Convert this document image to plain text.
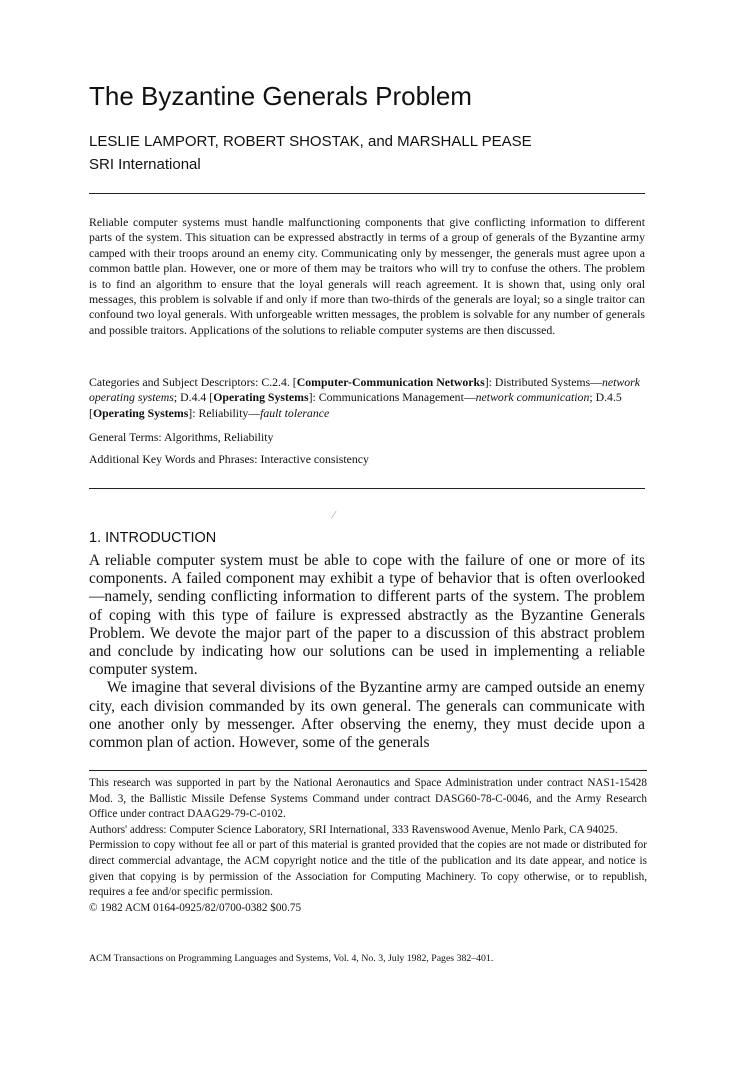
The Byzantine Generals Problem
LESLIE LAMPORT, ROBERT SHOSTAK, and MARSHALL PEASE
SRI International
Reliable computer systems must handle malfunctioning components that give conflicting information to different parts of the system. This situation can be expressed abstractly in terms of a group of generals of the Byzantine army camped with their troops around an enemy city. Communicating only by messenger, the generals must agree upon a common battle plan. However, one or more of them may be traitors who will try to confuse the others. The problem is to find an algorithm to ensure that the loyal generals will reach agreement. It is shown that, using only oral messages, this problem is solvable if and only if more than two-thirds of the generals are loyal; so a single traitor can confound two loyal generals. With unforgeable written messages, the problem is solvable for any number of generals and possible traitors. Applications of the solutions to reliable computer systems are then discussed.
Categories and Subject Descriptors: C.2.4. [Computer-Communication Networks]: Distributed Systems—network operating systems; D.4.4 [Operating Systems]: Communications Management—network communication; D.4.5 [Operating Systems]: Reliability—fault tolerance
General Terms: Algorithms, Reliability
Additional Key Words and Phrases: Interactive consistency
⁄
1. INTRODUCTION

A reliable computer system must be able to cope with the failure of one or more of its components. A failed component may exhibit a type of behavior that is often overlooked—namely, sending conflicting information to different parts of the system. The problem of coping with this type of failure is expressed abstractly as the Byzantine Generals Problem. We devote the major part of the paper to a discussion of this abstract problem and conclude by indicating how our solutions can be used in implementing a reliable computer system.

We imagine that several divisions of the Byzantine army are camped outside an enemy city, each division commanded by its own general. The generals can communicate with one another only by messenger. After observing the enemy, they must decide upon a common plan of action. However, some of the generals

This research was supported in part by the National Aeronautics and Space Administration under contract NAS1-15428 Mod. 3, the Ballistic Missile Defense Systems Command under contract DASG60-78-C-0046, and the Army Research Office under contract DAAG29-79-C-0102.

Authors' address: Computer Science Laboratory, SRI International, 333 Ravenswood Avenue, Menlo Park, CA 94025.

Permission to copy without fee all or part of this material is granted provided that the copies are not made or distributed for direct commercial advantage, the ACM copyright notice and the title of the publication and its date appear, and notice is given that copying is by permission of the Association for Computing Machinery. To copy otherwise, or to republish, requires a fee and/or specific permission.

© 1982 ACM 0164-0925/82/0700-0382 $00.75

ACM Transactions on Programming Languages and Systems, Vol. 4, No. 3, July 1982, Pages 382–401.
